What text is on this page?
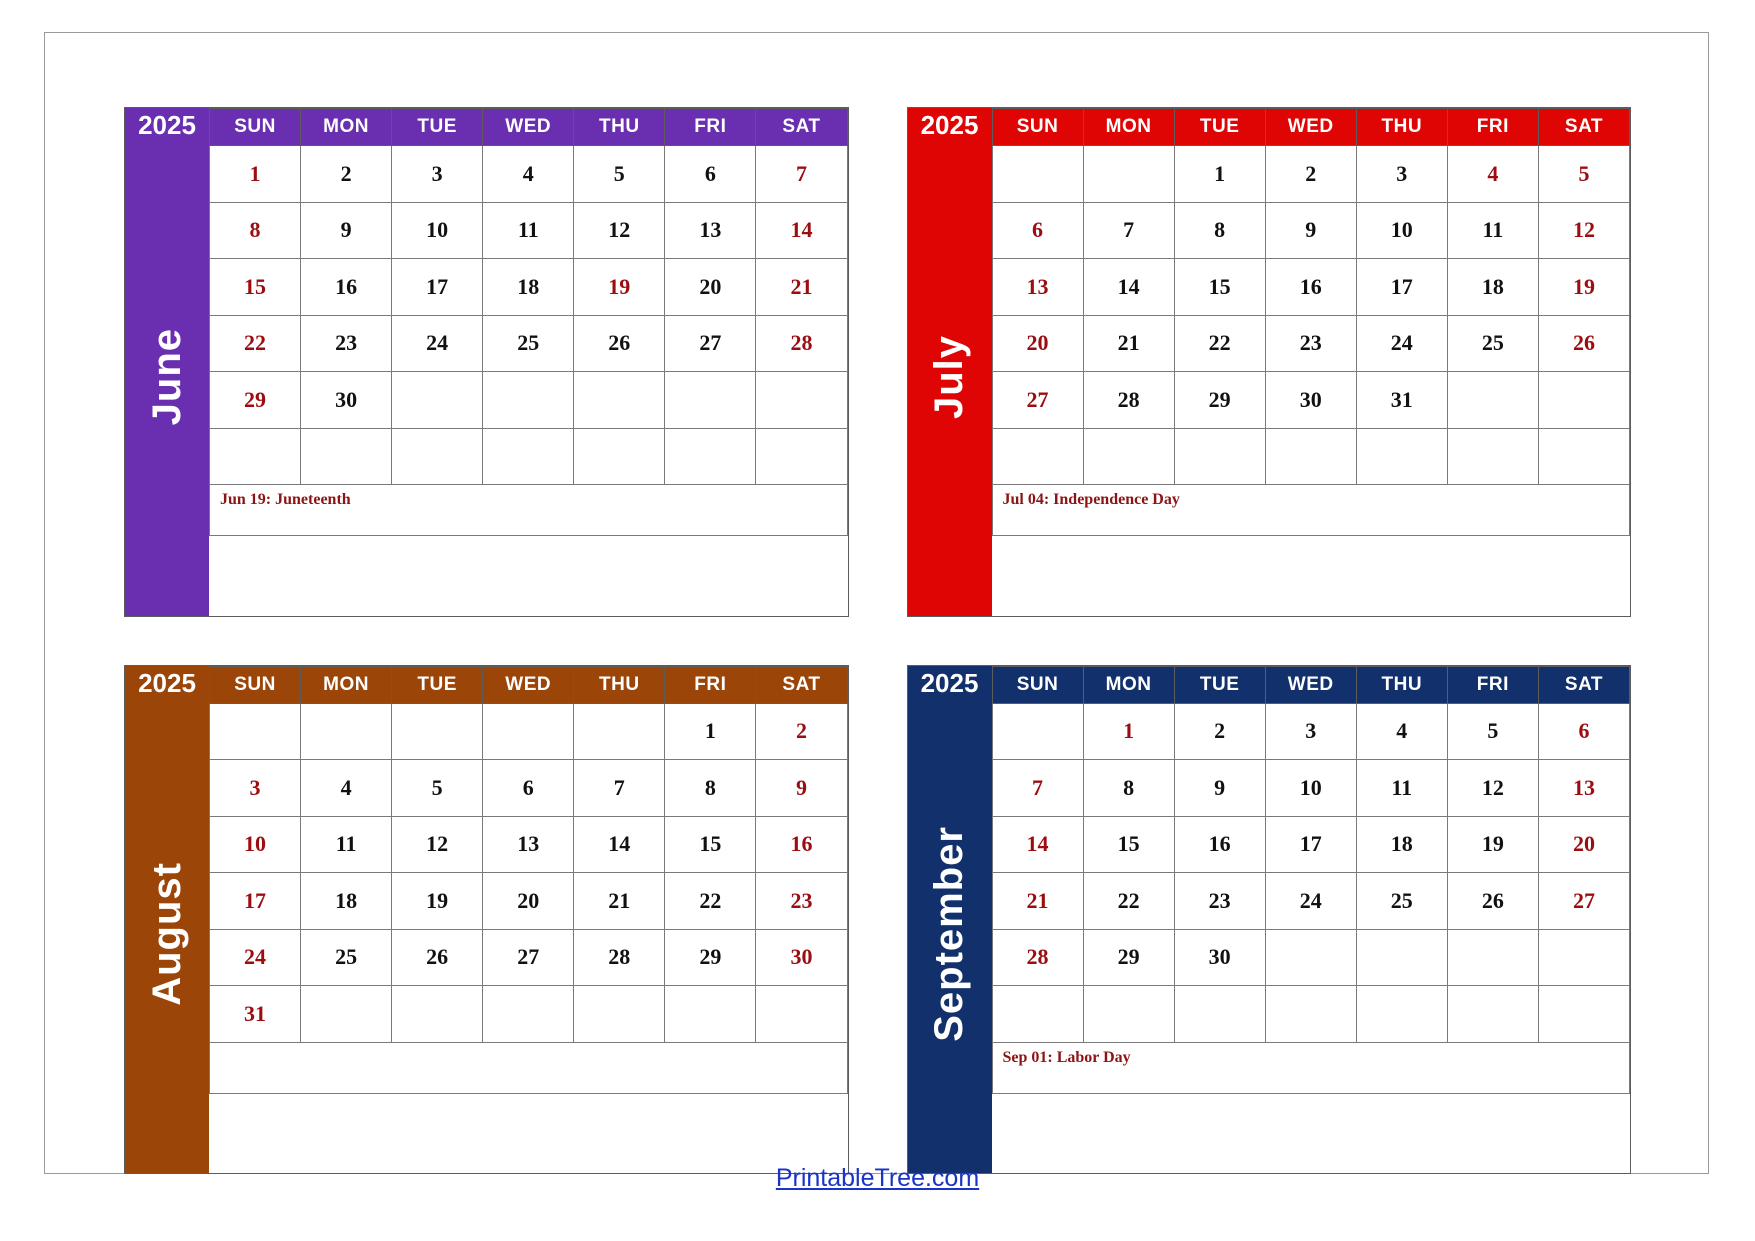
2025
June
SUN	MON	TUE	WED	THU	FRI	SAT
1	2	3	4	5	6	7
8	9	10	11	12	13	14
15	16	17	18	19	20	21
22	23	24	25	26	27	28
29	30					

Jun 19: Juneteenth
2025
July
SUN	MON	TUE	WED	THU	FRI	SAT
		1	2	3	4	5
6	7	8	9	10	11	12
13	14	15	16	17	18	19
20	21	22	23	24	25	26
27	28	29	30	31		

Jul 04: Independence Day
2025
August
SUN	MON	TUE	WED	THU	FRI	SAT
					1	2
3	4	5	6	7	8	9
10	11	12	13	14	15	16
17	18	19	20	21	22	23
24	25	26	27	28	29	30
31						
2025
September
SUN	MON	TUE	WED	THU	FRI	SAT
	1	2	3	4	5	6
7	8	9	10	11	12	13
14	15	16	17	18	19	20
21	22	23	24	25	26	27
28	29	30				

Sep 01: Labor Day
PrintableTree.com
